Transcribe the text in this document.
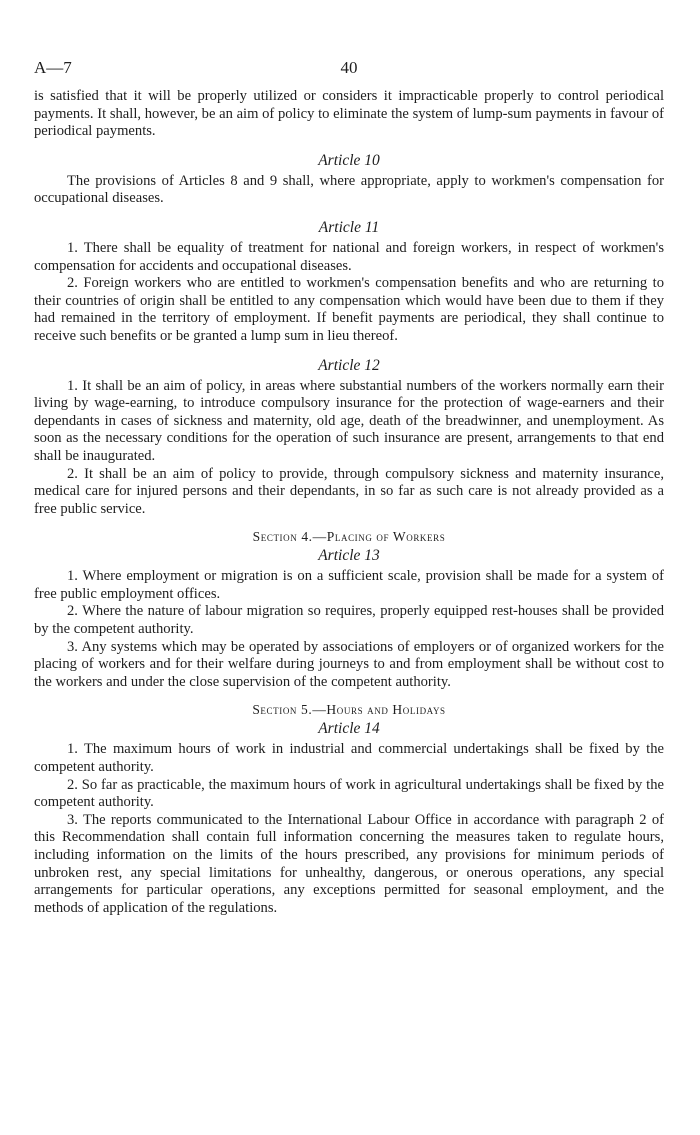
A—7	40

is satisfied that it will be properly utilized or considers it impracticable properly to control periodical payments. It shall, however, be an aim of policy to eliminate the system of lump-sum payments in favour of periodical payments.

Article 10

The provisions of Articles 8 and 9 shall, where appropriate, apply to workmen's compensation for occupational diseases.

Article 11

1. There shall be equality of treatment for national and foreign workers, in respect of workmen's compensation for accidents and occupational diseases.

2. Foreign workers who are entitled to workmen's compensation benefits and who are returning to their countries of origin shall be entitled to any compensation which would have been due to them if they had remained in the territory of employment. If benefit payments are periodical, they shall continue to receive such benefits or be granted a lump sum in lieu thereof.

Article 12

1. It shall be an aim of policy, in areas where substantial numbers of the workers normally earn their living by wage-earning, to introduce compulsory insurance for the protection of wage-earners and their dependants in cases of sickness and maternity, old age, death of the breadwinner, and unemployment. As soon as the necessary conditions for the operation of such insurance are present, arrangements to that end shall be inaugurated.

2. It shall be an aim of policy to provide, through compulsory sickness and maternity insurance, medical care for injured persons and their dependants, in so far as such care is not already provided as a free public service.

Section 4.—Placing of Workers
Article 13

1. Where employment or migration is on a sufficient scale, provision shall be made for a system of free public employment offices.

2. Where the nature of labour migration so requires, properly equipped rest-houses shall be provided by the competent authority.

3. Any systems which may be operated by associations of employers or of organized workers for the placing of workers and for their welfare during journeys to and from employment shall be without cost to the workers and under the close supervision of the competent authority.

Section 5.—Hours and Holidays
Article 14

1. The maximum hours of work in industrial and commercial undertakings shall be fixed by the competent authority.

2. So far as practicable, the maximum hours of work in agricultural undertakings shall be fixed by the competent authority.

3. The reports communicated to the International Labour Office in accordance with paragraph 2 of this Recommendation shall contain full information concerning the measures taken to regulate hours, including information on the limits of the hours prescribed, any provisions for minimum periods of unbroken rest, any special limitations for unhealthy, dangerous, or onerous operations, any special arrangements for particular operations, any exceptions permitted for seasonal employment, and the methods of application of the regulations.
